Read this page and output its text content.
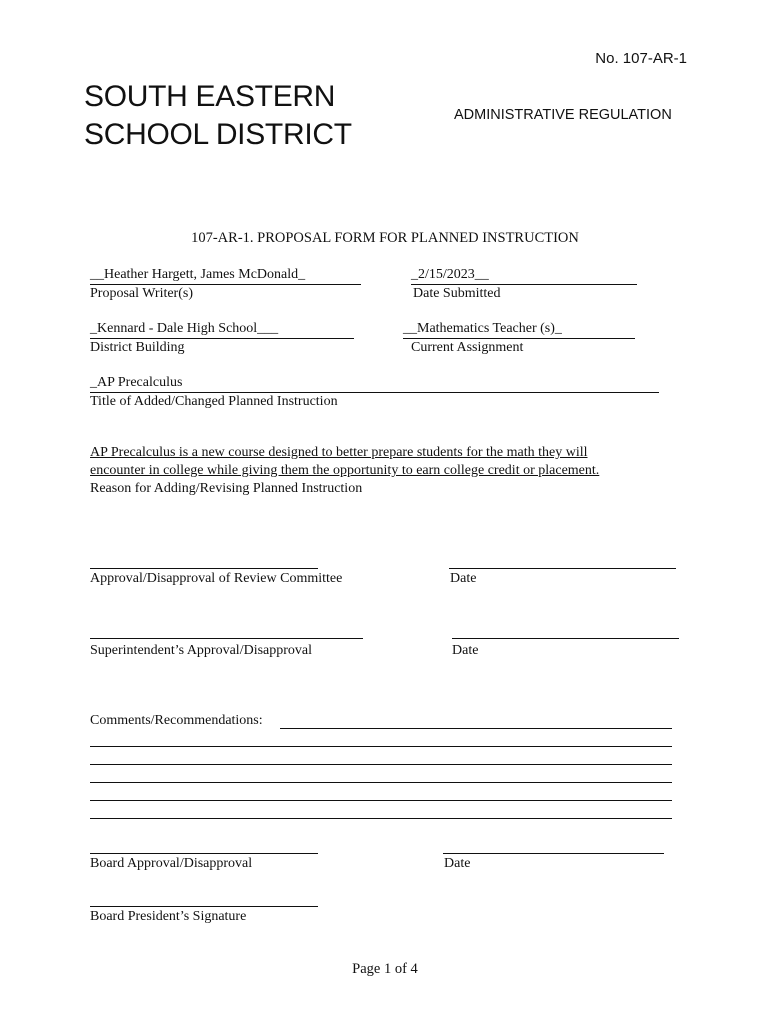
No. 107-AR-1
SOUTH EASTERN
SCHOOL DISTRICT
ADMINISTRATIVE REGULATION
107-AR-1. PROPOSAL FORM FOR PLANNED INSTRUCTION
__Heather Hargett, James McDonald_
Proposal Writer(s)
_2/15/2023__
Date Submitted
_Kennard - Dale High School___
District Building
__Mathematics Teacher (s)_
Current Assignment
_AP Precalculus
Title of Added/Changed Planned Instruction
AP Precalculus is a new course designed to better prepare students for the math they will
encounter in college while giving them the opportunity to earn college credit or placement.
Reason for Adding/Revising Planned Instruction
Approval/Disapproval of Review Committee	Date
Superintendent’s Approval/Disapproval	Date
Comments/Recommendations:
Board Approval/Disapproval	Date
Board President’s Signature
Page 1 of 4
